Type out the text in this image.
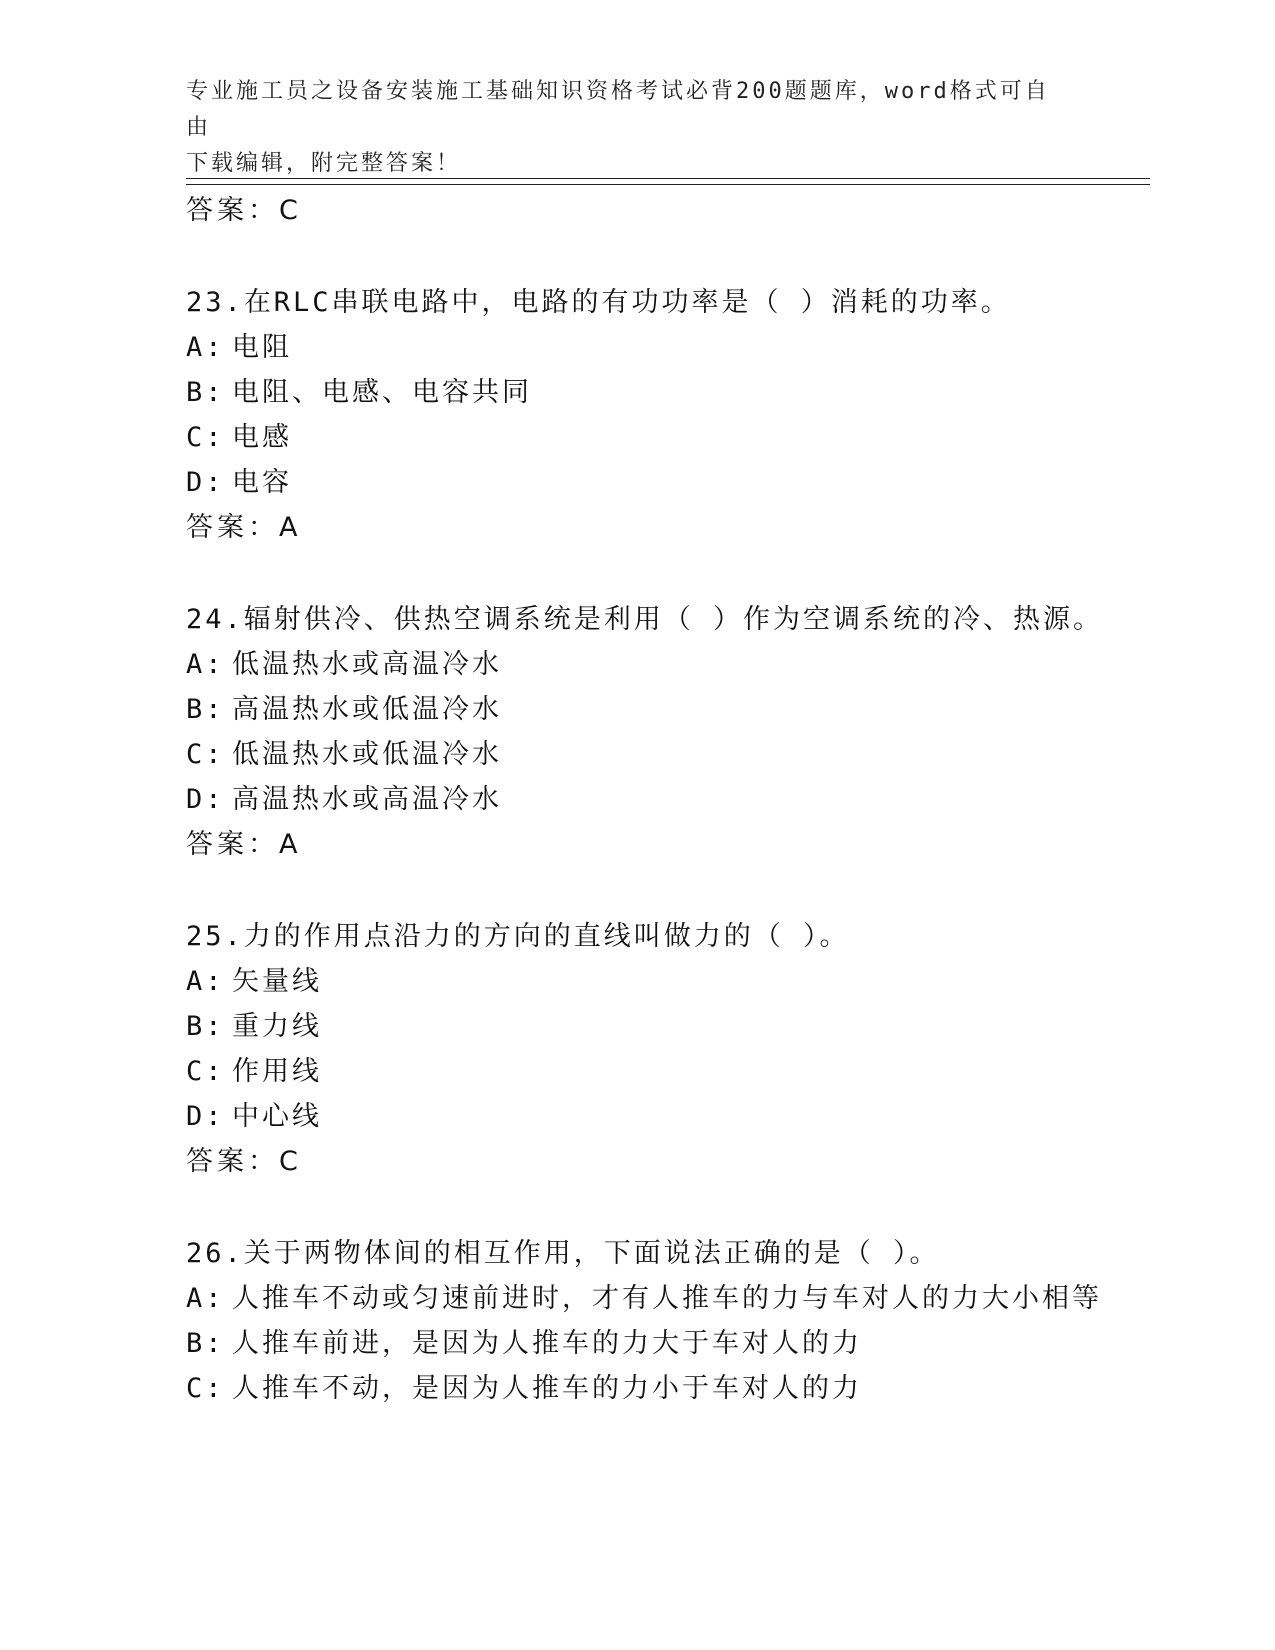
专业施工员之设备安装施工基础知识资格考试必背200题题库，word格式可自由
下载编辑，附完整答案！
答案：C
23.在RLC串联电路中，电路的有功功率是（ ）消耗的功率。
A: 电阻
B: 电阻、电感、电容共同
C: 电感
D: 电容
答案：A
24.辐射供冷、供热空调系统是利用（ ）作为空调系统的冷、热源。
A: 低温热水或高温冷水
B: 高温热水或低温冷水
C: 低温热水或低温冷水
D: 高温热水或高温冷水
答案：A
25.力的作用点沿力的方向的直线叫做力的（ ）。
A: 矢量线
B: 重力线
C: 作用线
D: 中心线
答案：C
26.关于两物体间的相互作用，下面说法正确的是（ ）。
A: 人推车不动或匀速前进时，才有人推车的力与车对人的力大小相等
B: 人推车前进，是因为人推车的力大于车对人的力
C: 人推车不动，是因为人推车的力小于车对人的力
